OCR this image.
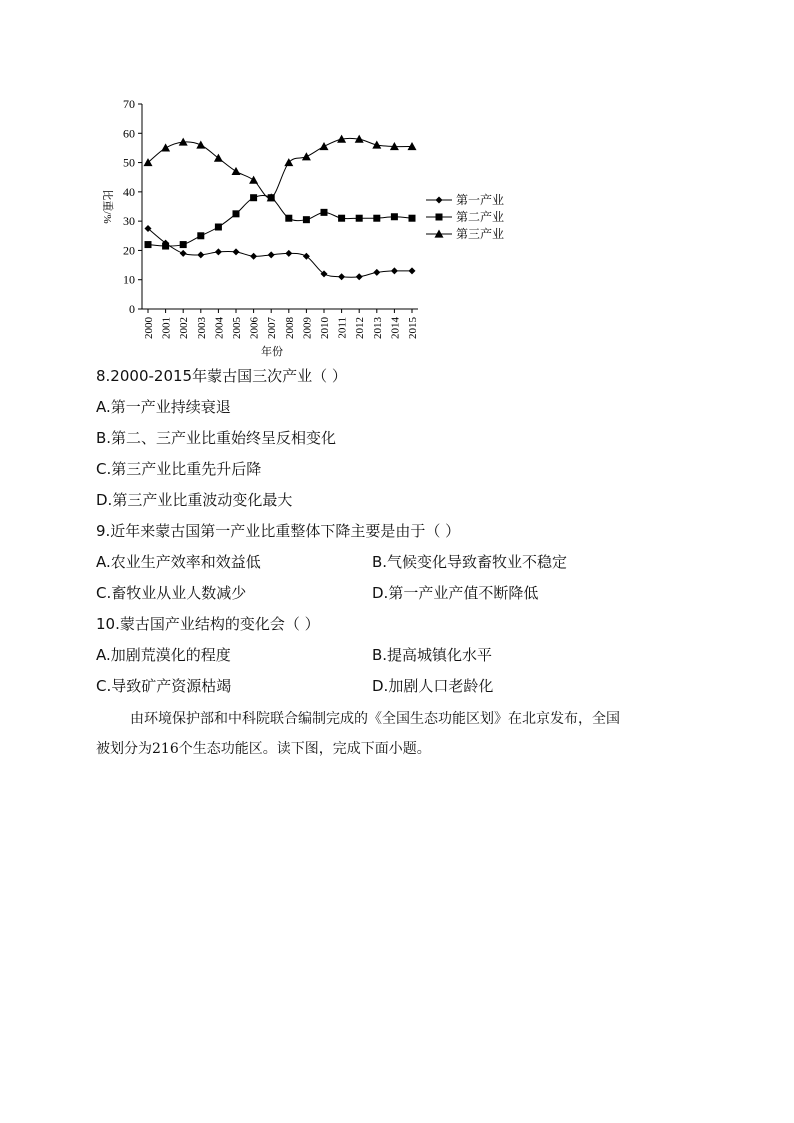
0
10
20
30
40
50
60
70
2000 2001 2002 2003 2004 2005 2006 2007 2008 2009 2010 2011 2012 2013 2014 2015
比重/%
年份
第一产业
第二产业
第三产业
8.2000-2015年蒙古国三次产业（ ）
A.第一产业持续衰退
B.第二、三产业比重始终呈反相变化
C.第三产业比重先升后降
D.第三产业比重波动变化最大
9.近年来蒙古国第一产业比重整体下降主要是由于（ ）
A.农业生产效率和效益低	B.气候变化导致畜牧业不稳定
C.畜牧业从业人数减少	D.第一产业产值不断降低
10.蒙古国产业结构的变化会（ ）
A.加剧荒漠化的程度	B.提高城镇化水平
C.导致矿产资源枯竭	D.加剧人口老龄化
由环境保护部和中科院联合编制完成的《全国生态功能区划》在北京发布，全国
被划分为216个生态功能区。读下图，完成下面小题。
